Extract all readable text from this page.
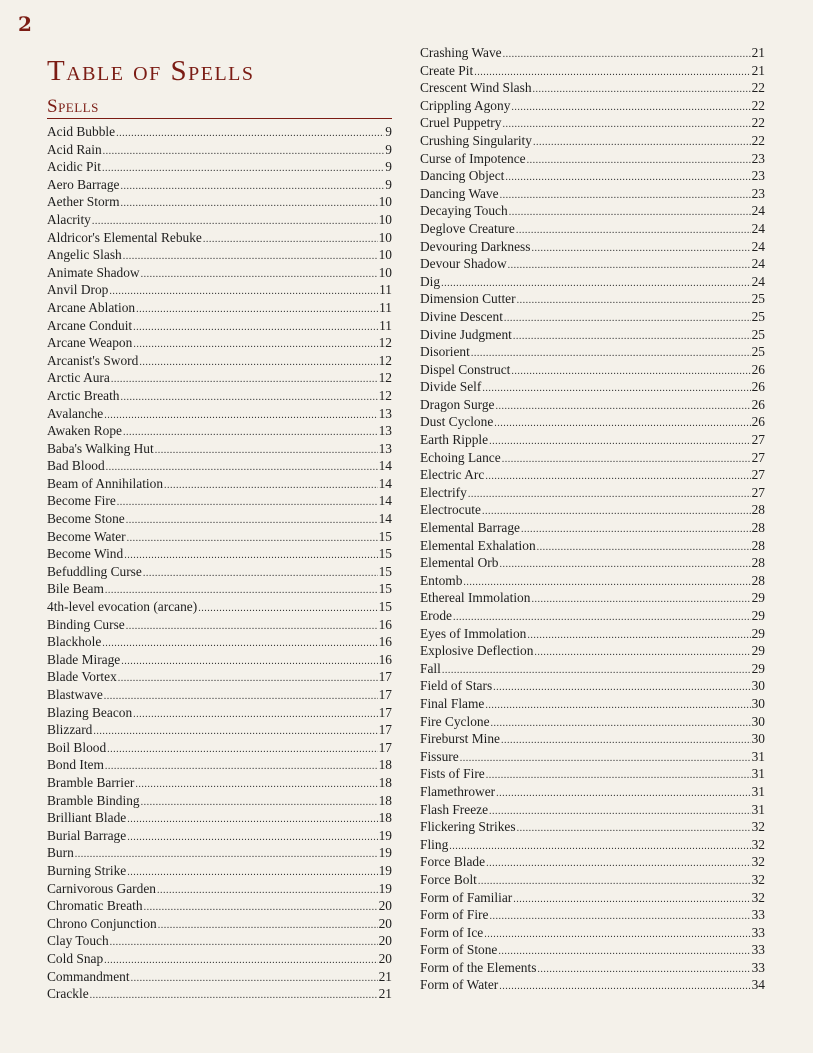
2
Table of Spells
Spells
Acid Bubble .....	9
Acid Rain .....	9
Acidic Pit .....	9
Aero Barrage .....	9
Aether Storm .....	10
Alacrity .....	10
Aldricor's Elemental Rebuke .....	10
Angelic Slash .....	10
Animate Shadow .....	10
Anvil Drop .....	11
Arcane Ablation .....	11
Arcane Conduit .....	11
Arcane Weapon .....	12
Arcanist's Sword .....	12
Arctic Aura .....	12
Arctic Breath .....	12
Avalanche .....	13
Awaken Rope .....	13
Baba's Walking Hut .....	13
Bad Blood .....	14
Beam of Annihilation .....	14
Become Fire .....	14
Become Stone .....	14
Become Water .....	15
Become Wind .....	15
Befuddling Curse .....	15
Bile Beam .....	15
4th-level evocation (arcane) .....	15
Binding Curse .....	16
Blackhole .....	16
Blade Mirage .....	16
Blade Vortex .....	17
Blastwave .....	17
Blazing Beacon .....	17
Blizzard .....	17
Boil Blood .....	17
Bond Item .....	18
Bramble Barrier .....	18
Bramble Binding .....	18
Brilliant Blade .....	18
Burial Barrage .....	19
Burn .....	19
Burning Strike .....	19
Carnivorous Garden .....	19
Chromatic Breath .....	20
Chrono Conjunction .....	20
Clay Touch .....	20
Cold Snap .....	20
Commandment .....	21
Crackle .....	21
Crashing Wave .....	21
Create Pit .....	21
Crescent Wind Slash .....	22
Crippling Agony .....	22
Cruel Puppetry .....	22
Crushing Singularity .....	22
Curse of Impotence .....	23
Dancing Object .....	23
Dancing Wave .....	23
Decaying Touch .....	24
Deglove Creature .....	24
Devouring Darkness .....	24
Devour Shadow .....	24
Dig .....	24
Dimension Cutter .....	25
Divine Descent .....	25
Divine Judgment .....	25
Disorient .....	25
Dispel Construct .....	26
Divide Self .....	26
Dragon Surge .....	26
Dust Cyclone .....	26
Earth Ripple .....	27
Echoing Lance .....	27
Electric Arc .....	27
Electrify .....	27
Electrocute .....	28
Elemental Barrage .....	28
Elemental Exhalation .....	28
Elemental Orb .....	28
Entomb .....	28
Ethereal Immolation .....	29
Erode .....	29
Eyes of Immolation .....	29
Explosive Deflection .....	29
Fall .....	29
Field of Stars .....	30
Final Flame .....	30
Fire Cyclone .....	30
Fireburst Mine .....	30
Fissure .....	31
Fists of Fire .....	31
Flamethrower .....	31
Flash Freeze .....	31
Flickering Strikes .....	32
Fling .....	32
Force Blade .....	32
Force Bolt .....	32
Form of Familiar .....	32
Form of Fire .....	33
Form of Ice .....	33
Form of Stone .....	33
Form of the Elements .....	33
Form of Water .....	34
